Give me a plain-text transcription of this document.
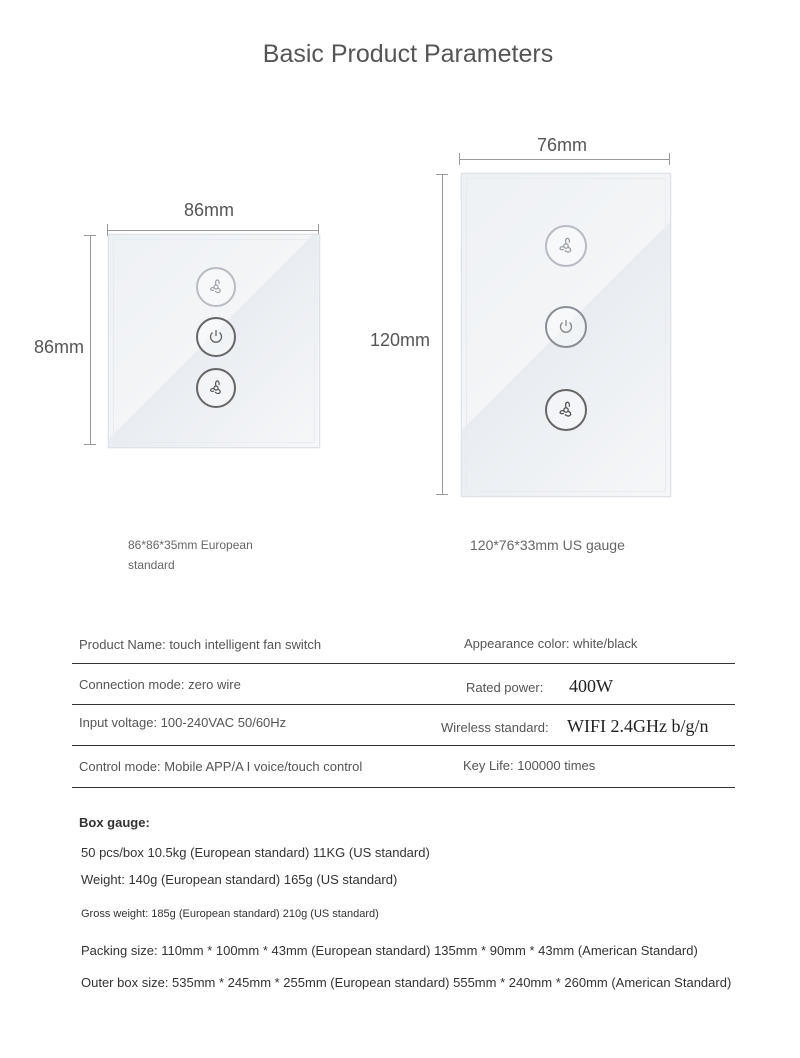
Basic Product Parameters
86mm
86mm
86*86*35mm European
standard
76mm
120mm
120*76*33mm US gauge
Product Name: touch intelligent fan switch	Appearance color: white/black
Connection mode: zero wire	Rated power: 400W
Input voltage: 100-240VAC 50/60Hz	Wireless standard: WIFI 2.4GHz b/g/n
Control mode: Mobile APP/A I voice/touch control	Key Life: 100000 times
Box gauge:
50 pcs/box 10.5kg (European standard) 11KG (US standard)
Weight: 140g (European standard) 165g (US standard)
Gross weight: 185g (European standard) 210g (US standard)
Packing size: 110mm * 100mm * 43mm (European standard) 135mm * 90mm * 43mm (American Standard)
Outer box size: 535mm * 245mm * 255mm (European standard) 555mm * 240mm * 260mm (American Standard)
